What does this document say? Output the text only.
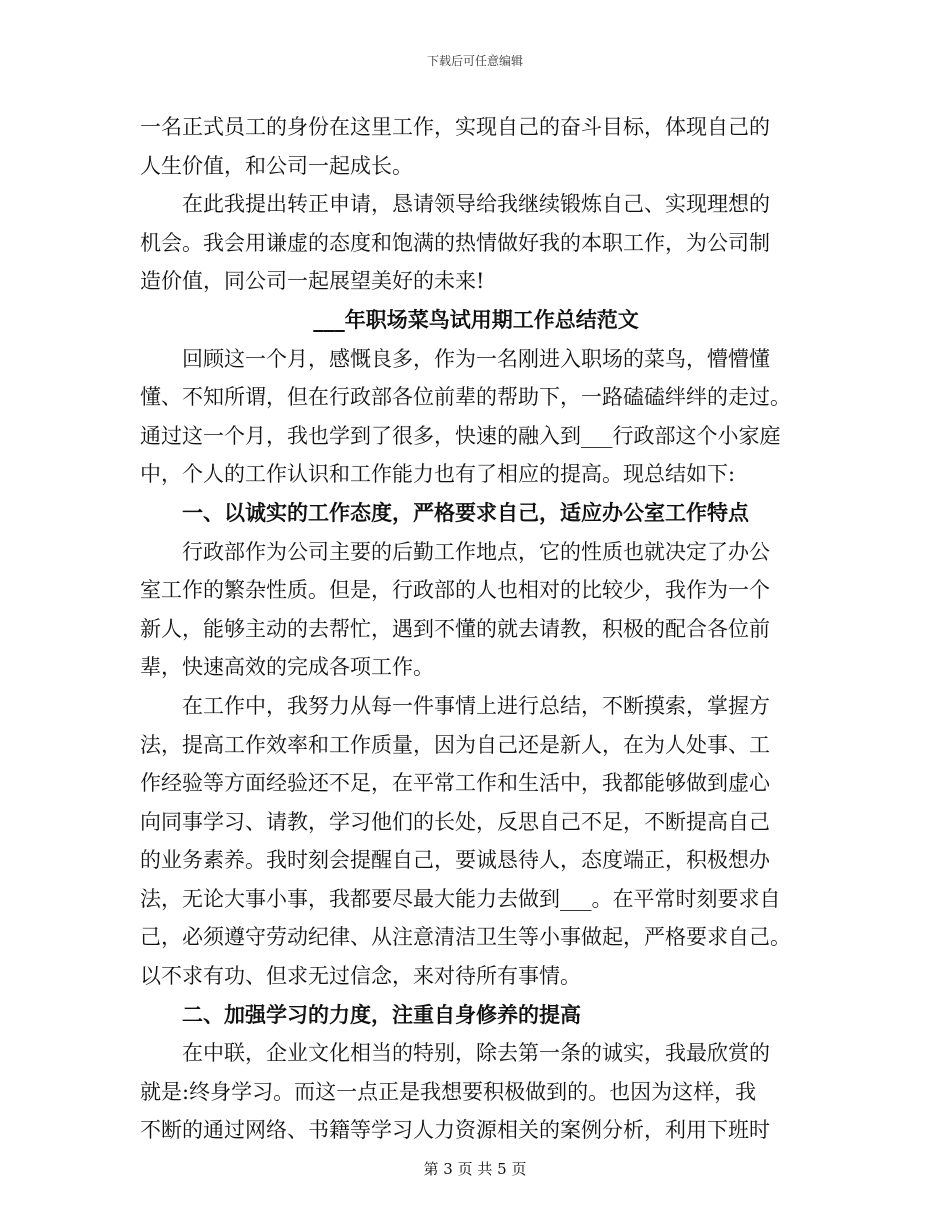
下载后可任意编辑
一名正式员工的身份在这里工作，实现自己的奋斗目标，体现自己的
人生价值，和公司一起成长。
在此我提出转正申请，恳请领导给我继续锻炼自己、实现理想的
机会。我会用谦虚的态度和饱满的热情做好我的本职工作，为公司制
造价值，同公司一起展望美好的未来!
___年职场菜鸟试用期工作总结范文
回顾这一个月，感慨良多，作为一名刚进入职场的菜鸟，懵懵懂
懂、不知所谓，但在行政部各位前辈的帮助下，一路磕磕绊绊的走过。
通过这一个月，我也学到了很多，快速的融入到___行政部这个小家庭
中，个人的工作认识和工作能力也有了相应的提高。现总结如下:
一、以诚实的工作态度，严格要求自己，适应办公室工作特点
行政部作为公司主要的后勤工作地点，它的性质也就决定了办公
室工作的繁杂性质。但是，行政部的人也相对的比较少，我作为一个
新人，能够主动的去帮忙，遇到不懂的就去请教，积极的配合各位前
辈，快速高效的完成各项工作。
在工作中，我努力从每一件事情上进行总结，不断摸索，掌握方
法，提高工作效率和工作质量，因为自己还是新人，在为人处事、工
作经验等方面经验还不足，在平常工作和生活中，我都能够做到虚心
向同事学习、请教，学习他们的长处，反思自己不足，不断提高自己
的业务素养。我时刻会提醒自己，要诚恳待人，态度端正，积极想办
法，无论大事小事，我都要尽最大能力去做到___。在平常时刻要求自
己，必须遵守劳动纪律、从注意清洁卫生等小事做起，严格要求自己。
以不求有功、但求无过信念，来对待所有事情。
二、加强学习的力度，注重自身修养的提高
在中联，企业文化相当的特别，除去第一条的诚实，我最欣赏的
就是:终身学习。而这一点正是我想要积极做到的。也因为这样，我
不断的通过网络、书籍等学习人力资源相关的案例分析，利用下班时
第 3 页 共 5 页
